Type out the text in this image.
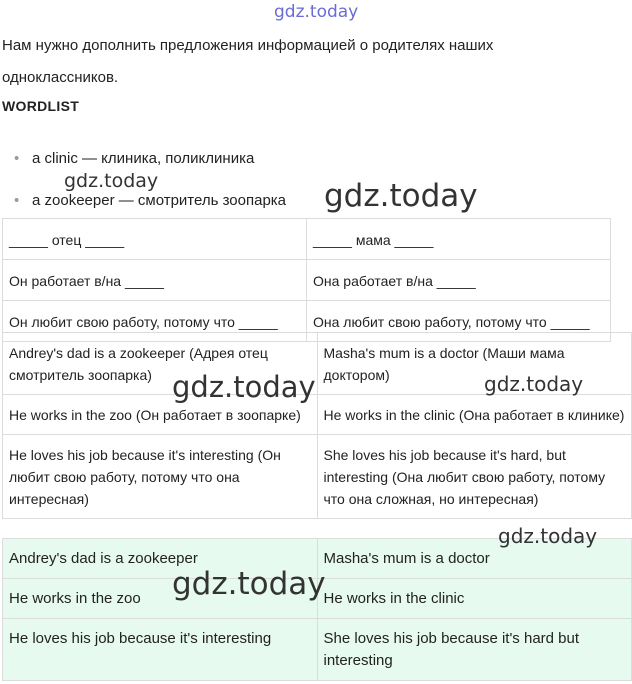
gdz.today
Нам нужно дополнить предложения информацией о родителях наших одноклассников.
WORDLIST
• a clinic — клиника, поликлиника
• a zookeeper — смотритель зоопарка
_____ отец _____	_____ мама _____
Он работает в/на _____	Она работает в/на _____
Он любит свою работу, потому что _____	Она любит свою работу, потому что _____
Andrey's dad is a zookeeper (Адрея отец смотритель зоопарка)	Masha's mum is a doctor (Маши мама доктором)
He works in the zoo (Он работает в зоопарке)	He works in the clinic (Она работает в клинике)
He loves his job because it's interesting (Он любит свою работу, потому что она интересная)	She loves his job because it's hard, but interesting (Она любит свою работу, потому что она сложная, но интересная)
Andrey's dad is a zookeeper	Masha's mum is a doctor
He works in the zoo	He works in the clinic
He loves his job because it's interesting	She loves his job because it's hard but interesting
gdz.today	gdz.today
gdz.today	gdz.today
gdz.today
gdz.today
